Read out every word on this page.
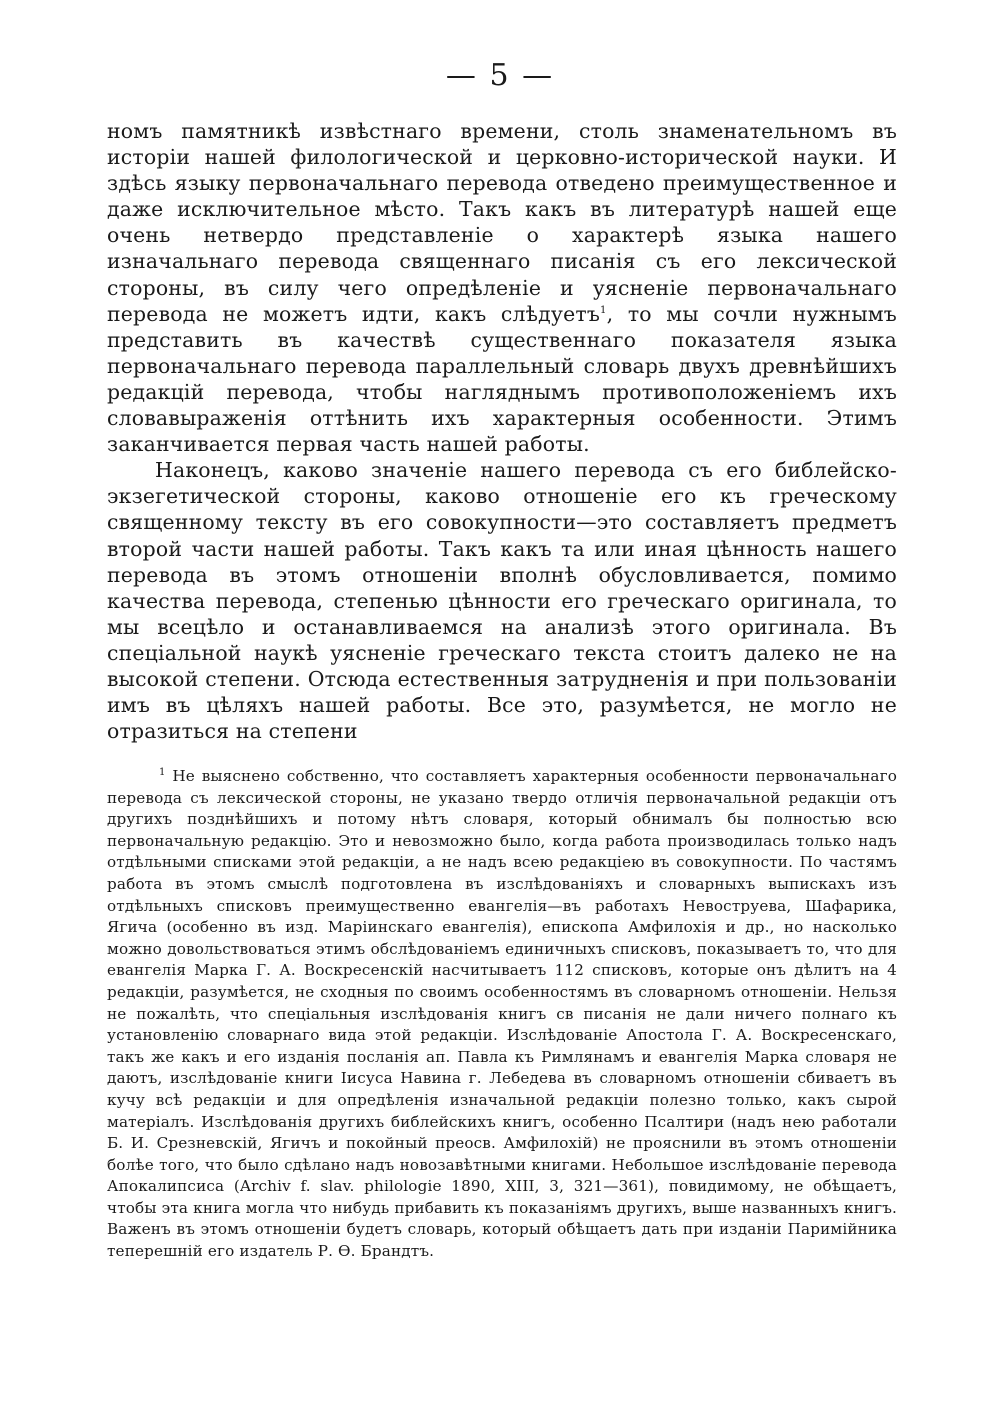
— 5 —

номъ памятникѣ извѣстнаго времени, столь знаменательномъ въ исторіи нашей филологической и церковно-исторической науки. И здѣсь языку первоначальнаго перевода отведено преимущественное и даже исключительное мѣсто. Такъ какъ въ литературѣ нашей еще очень нетвердо представленіе о характерѣ языка нашего изначальнаго перевода священнаго писанія съ его лексической стороны, въ силу чего опредѣленіе и уясненіе первоначальнаго перевода не можетъ идти, какъ слѣдуетъ$^1$, то мы сочли нужнымъ представить въ качествѣ существеннаго показателя языка первоначальнаго перевода параллельный словарь двухъ древнѣйшихъ редакцій перевода, чтобы нагляднымъ противоположеніемъ ихъ словавыраженія оттѣнить ихъ характерныя особенности. Этимъ заканчивается первая часть нашей работы.

Наконецъ, каково значеніе нашего перевода съ его библейско-экзегетической стороны, каково отношеніе его къ греческому священному тексту въ его совокупности—это составляетъ предметъ второй части нашей работы. Такъ какъ та или иная цѣнность нашего перевода въ этомъ отношеніи вполнѣ обусловливается, помимо качества перевода, степенью цѣнности его греческаго оригинала, то мы всецѣло и останавливаемся на анализѣ этого оригинала. Въ спеціальной наукѣ уясненіе греческаго текста стоитъ далеко не на высокой степени. Отсюда естественныя затрудненія и при пользованіи имъ въ цѣляхъ нашей работы. Все это, разумѣется, не могло не отразиться на степени

$^1$ Не выяснено собственно, что составляетъ характерныя особенности первоначальнаго перевода съ лексической стороны, не указано твердо отличія первоначальной редакціи отъ другихъ позднѣйшихъ и потому нѣтъ словаря, который обнималъ бы полностью всю первоначальную редакцію. Это и невозможно было, когда работа производилась только надъ отдѣльными списками этой редакціи, а не надъ всею редакціею въ совокупности. По частямъ работа въ этомъ смыслѣ подготовлена въ изслѣдованіяхъ и словарныхъ выпискахъ изъ отдѣльныхъ списковъ преимущественно евангелія—въ работахъ Невоструева, Шафарика, Ягича (особенно въ изд. Маріинскаго евангелія), епископа Амфилохія и др., но насколько можно довольствоваться этимъ обслѣдованіемъ единичныхъ списковъ, показываетъ то, что для евангелія Марка Г. А. Воскресенскій насчитываетъ 112 списковъ, которые онъ дѣлитъ на 4 редакціи, разумѣется, не сходныя по своимъ особенностямъ въ словарномъ отношеніи. Нельзя не пожалѣть, что спеціальныя изслѣдованія книгъ св писанія не дали ничего полнаго къ установленію словарнаго вида этой редакціи. Изслѣдованіе Апостола Г. А. Воскресенскаго, такъ же какъ и его изданія посланія ап. Павла къ Римлянамъ и евангелія Марка словаря не даютъ, изслѣдованіе книги Іисуса Навина г. Лебедева въ словарномъ отношеніи сбиваетъ въ кучу всѣ редакціи и для опредѣленія изначальной редакціи полезно только, какъ сырой матеріалъ. Изслѣдованія другихъ библейскихъ книгъ, особенно Псалтири (надъ нею работали Б. И. Срезневскій, Ягичъ и покойный преосв. Амфилохій) не прояснили въ этомъ отношеніи болѣе того, что было сдѣлано надъ новозавѣтными книгами. Небольшое изслѣдованіе перевода Апокалипсиса (Archiv f. slav. philologie 1890, XIII, 3, 321—361), повидимому, не обѣщаетъ, чтобы эта книга могла что нибудь прибавить къ показаніямъ другихъ, выше названныхъ книгъ. Важенъ въ этомъ отношеніи будетъ словарь, который обѣщаетъ дать при изданіи Паримійника теперешній его издатель Р. Ѳ. Брандтъ.
